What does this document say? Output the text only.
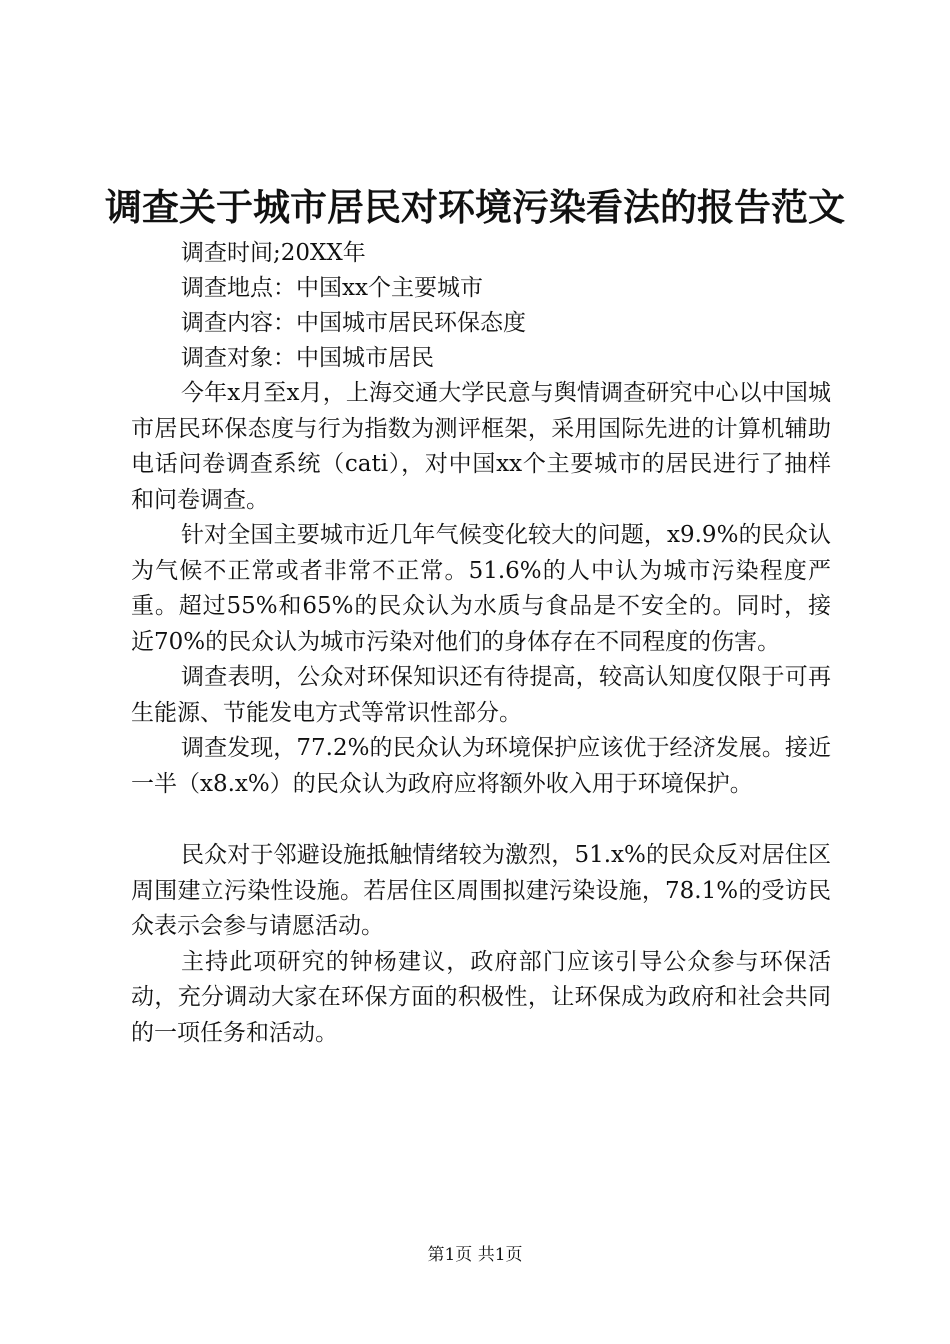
调查关于城市居民对环境污染看法的报告范文

调查时间;20XX年

调查地点：中国xx个主要城市

调查内容：中国城市居民环保态度

调查对象：中国城市居民

今年x月至x月，上海交通大学民意与舆情调查研究中心以中国城市居民环保态度与行为指数为测评框架，采用国际先进的计算机辅助电话问卷调查系统（cati），对中国xx个主要城市的居民进行了抽样和问卷调查。

针对全国主要城市近几年气候变化较大的问题，x9.9%的民众认为气候不正常或者非常不正常。51.6%的人中认为城市污染程度严重。超过55%和65%的民众认为水质与食品是不安全的。同时，接近70%的民众认为城市污染对他们的身体存在不同程度的伤害。

调查表明，公众对环保知识还有待提高，较高认知度仅限于可再生能源、节能发电方式等常识性部分。

调查发现，77.2%的民众认为环境保护应该优于经济发展。接近一半（x8.x%）的民众认为政府应将额外收入用于环境保护。

民众对于邻避设施抵触情绪较为激烈，51.x%的民众反对居住区周围建立污染性设施。若居住区周围拟建污染设施，78.1%的受访民众表示会参与请愿活动。

主持此项研究的钟杨建议，政府部门应该引导公众参与环保活动，充分调动大家在环保方面的积极性，让环保成为政府和社会共同的一项任务和活动。

第1页 共1页
